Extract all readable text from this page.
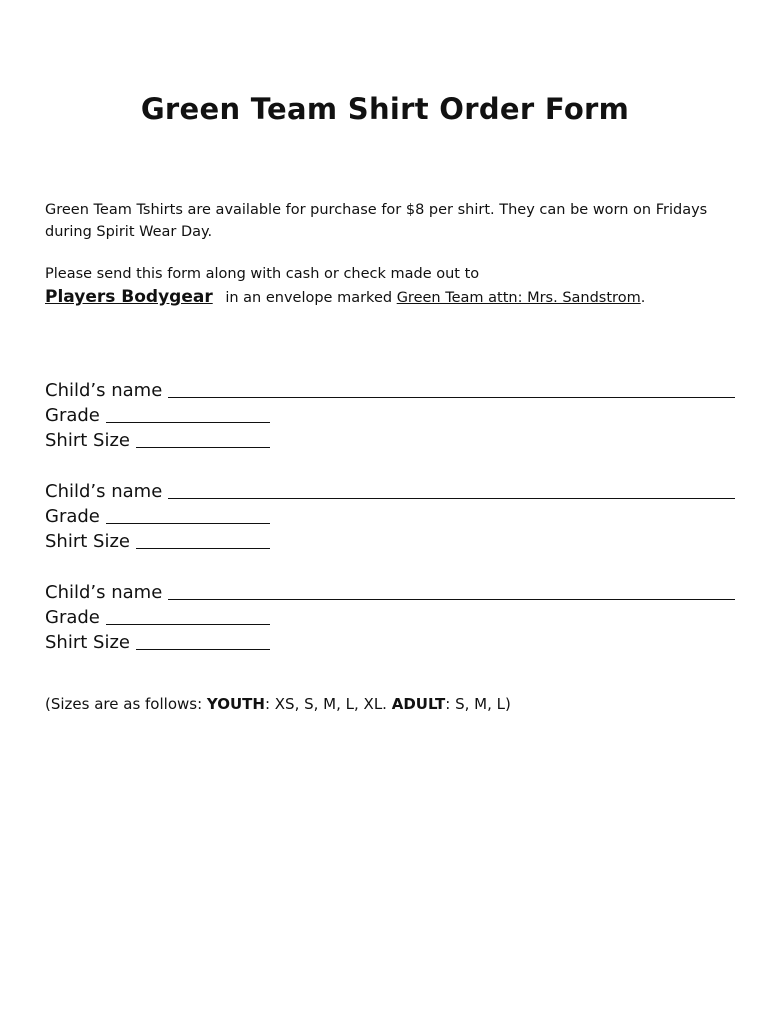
Green Team Shirt Order Form
Green Team Tshirts are available for purchase for $8 per shirt. They can be worn on Fridays during Spirit Wear Day.
Please send this form along with cash or check made out to
Players Bodygear in an envelope marked Green Team attn: Mrs. Sandstrom.
Child’s name
Grade
Shirt Size
Child’s name
Grade
Shirt Size
Child’s name
Grade
Shirt Size
(Sizes are as follows: YOUTH: XS, S, M, L, XL. ADULT: S, M, L)
